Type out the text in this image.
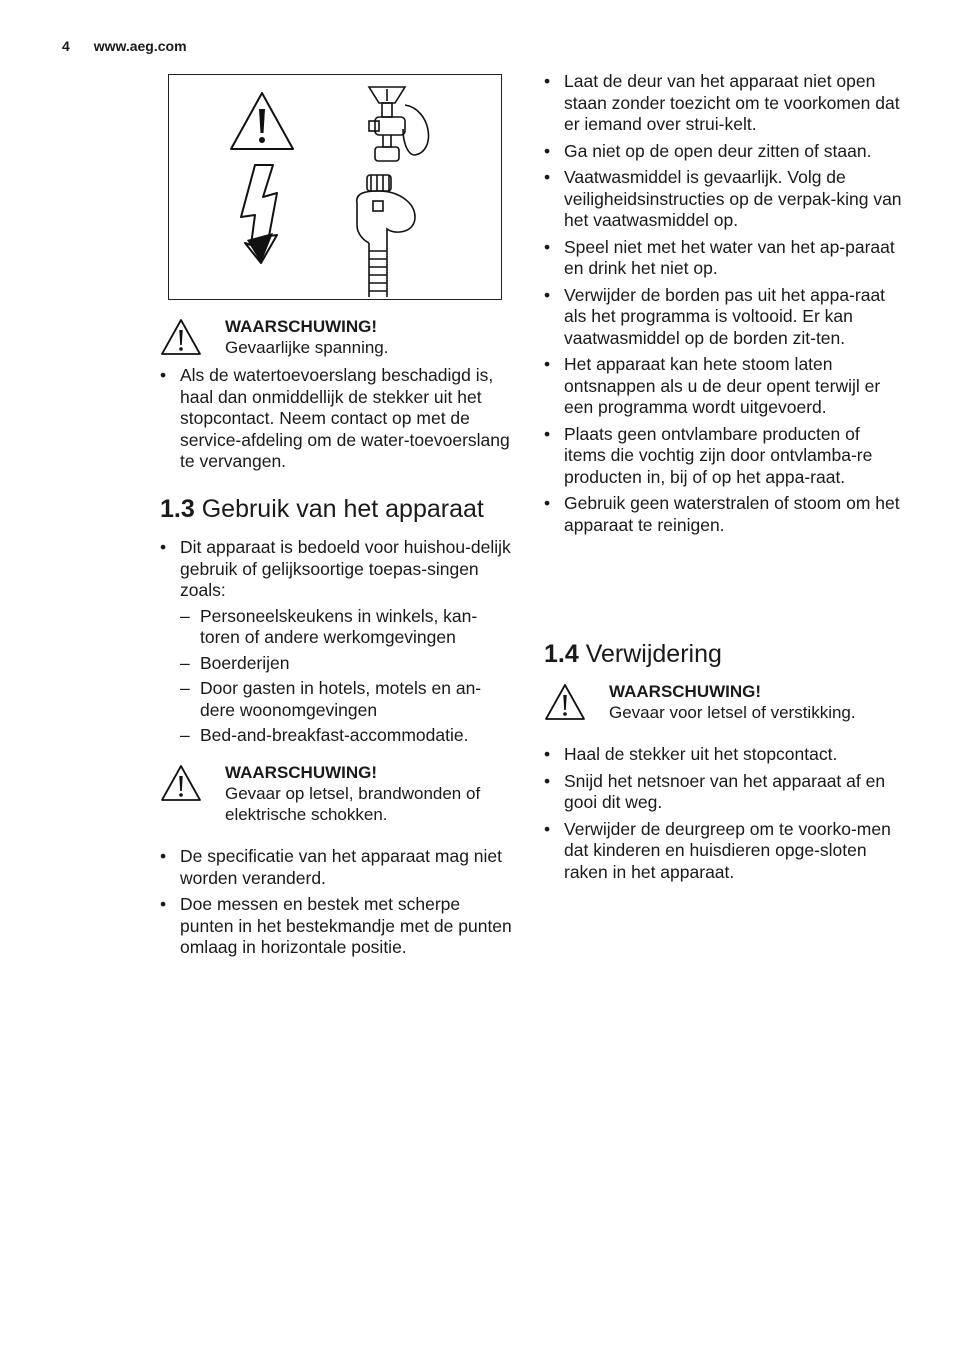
4 www.aeg.com
WAARSCHUWING!
Gevaarlijke spanning.
• Als de watertoevoerslang beschadigd is, haal dan onmiddellijk de stekker uit het stopcontact. Neem contact op met de service-afdeling om de water-toevoerslang te vervangen.
1.3 Gebruik van het apparaat
• Dit apparaat is bedoeld voor huishou-delijk gebruik of gelijksoortige toepas-singen zoals:
– Personeelskeukens in winkels, kan-toren of andere werkomgevingen
– Boerderijen
– Door gasten in hotels, motels en an-dere woonomgevingen
– Bed-and-breakfast-accommodatie.
WAARSCHUWING!
Gevaar op letsel, brandwonden of elektrische schokken.
• De specificatie van het apparaat mag niet worden veranderd.
• Doe messen en bestek met scherpe punten in het bestekmandje met de punten omlaag in horizontale positie.
• Laat de deur van het apparaat niet open staan zonder toezicht om te voorkomen dat er iemand over strui-kelt.
• Ga niet op de open deur zitten of staan.
• Vaatwasmiddel is gevaarlijk. Volg de veiligheidsinstructies op de verpak-king van het vaatwasmiddel op.
• Speel niet met het water van het ap-paraat en drink het niet op.
• Verwijder de borden pas uit het appa-raat als het programma is voltooid. Er kan vaatwasmiddel op de borden zit-ten.
• Het apparaat kan hete stoom laten ontsnappen als u de deur opent terwijl er een programma wordt uitgevoerd.
• Plaats geen ontvlambare producten of items die vochtig zijn door ontvlamba-re producten in, bij of op het appa-raat.
• Gebruik geen waterstralen of stoom om het apparaat te reinigen.
1.4 Verwijdering
WAARSCHUWING!
Gevaar voor letsel of verstikking.
• Haal de stekker uit het stopcontact.
• Snijd het netsnoer van het apparaat af en gooi dit weg.
• Verwijder de deurgreep om te voorko-men dat kinderen en huisdieren opge-sloten raken in het apparaat.
